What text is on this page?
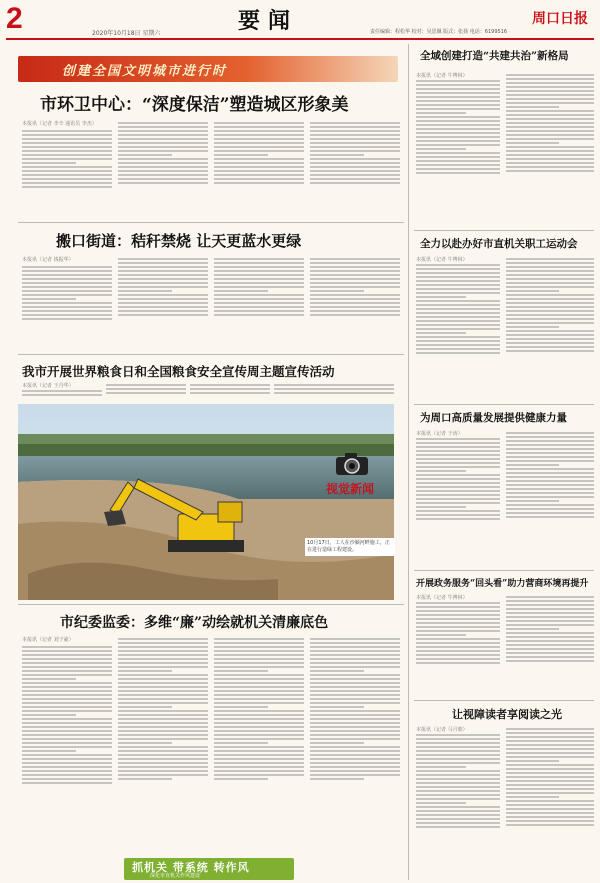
2	要闻	周口日报
2020年10月18日 星期六	责任编辑：程松华 校对：吴思佩 版式：张扬 电话：6199516
创建全国文明城市进行时
市环卫中心：“深度保洁”塑造城区形象美
本报讯（记者 李辛 通讯员 李杰）
搬口街道：秸秆禁烧 让天更蓝水更绿
本报讯（记者 钱振华）
我市开展世界粮食日和全国粮食安全宣传周主题宣传活动
本报讯（记者 王丹华）
视觉新闻
10月17日，工人在沙颍河畔施工，正在进行造绿工程建设。
市纪委监委：多维“廉”动绘就机关清廉底色
本报讯（记者 刘子豪）
抓机关 带系统 转作风
深化市直机关作风建设
全域创建打造“共建共治”新格局
本报讯（记者 牛博林）
全力以赴办好市直机关职工运动会
本报讯（记者 牛博林）
为周口高质量发展提供健康力量
本报讯（记者 于涛）
开展政务服务“回头看”助力营商环境再提升
本报讯（记者 牛博林）
让视障读者享阅读之光
本报讯（记者 马月朝）
